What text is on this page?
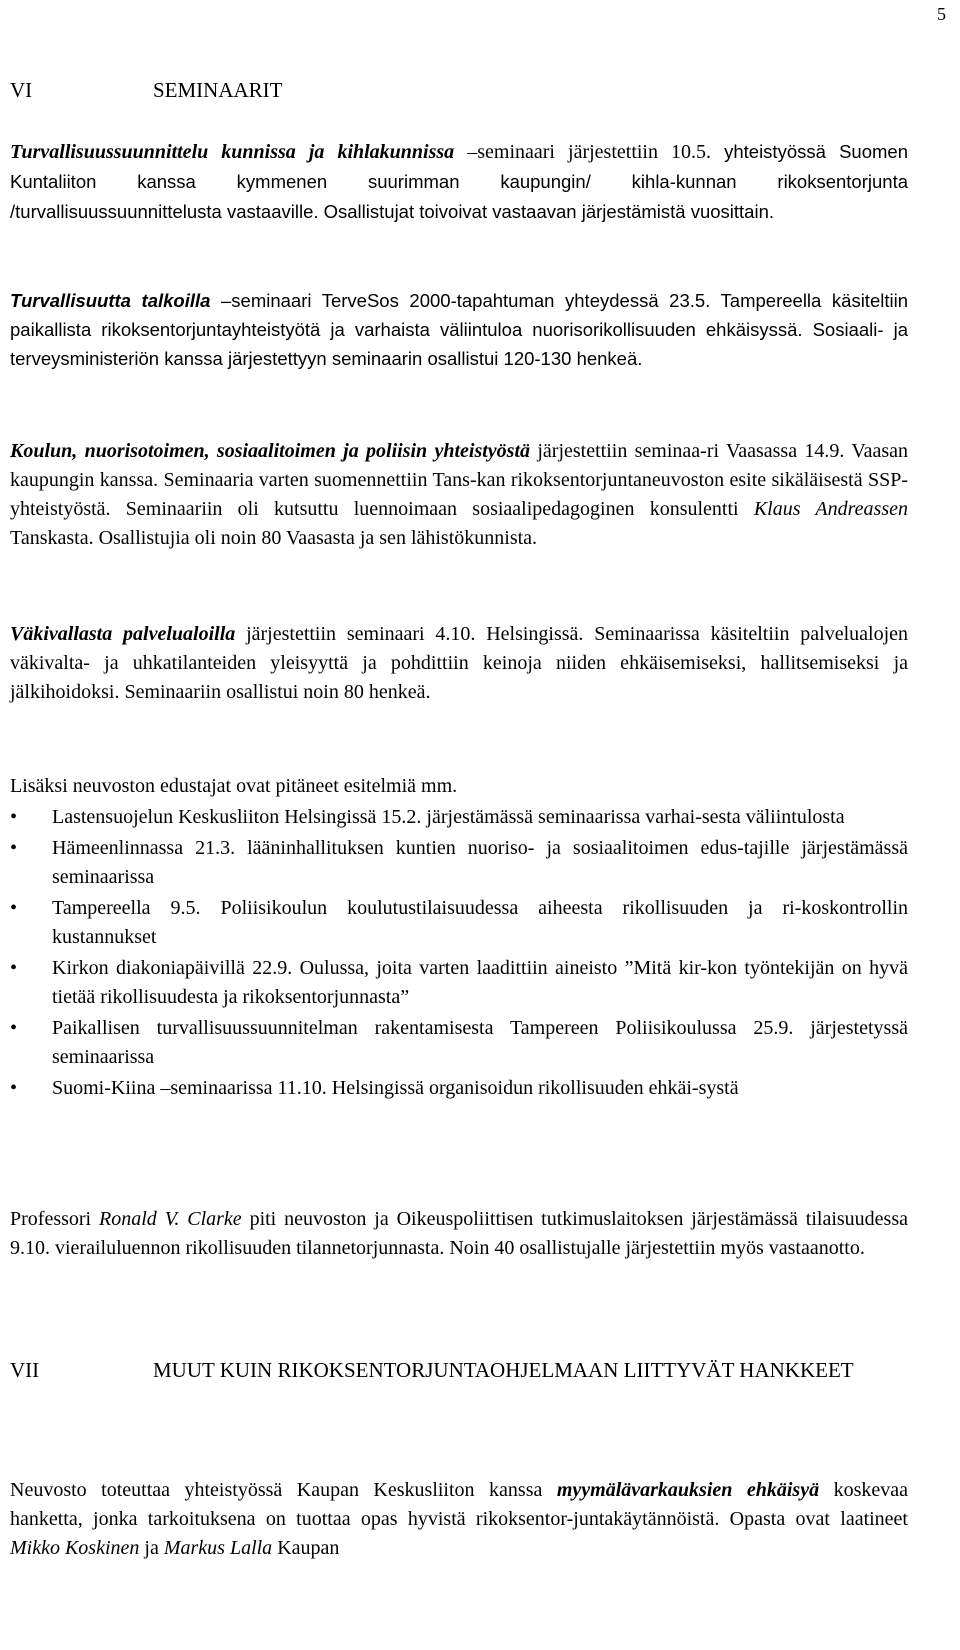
5
VI	SEMINAARIT

Turvallisuussuunnittelu kunnissa ja kihlakunnissa –seminaari järjestettiin 10.5. yhteistyössä Suomen Kuntaliiton kanssa kymmenen suurimman kaupungin/ kihla-kunnan rikoksentorjunta /turvallisuussuunnittelusta vastaaville. Osallistujat toivoivat vastaavan järjestämistä vuosittain.

Turvallisuutta talkoilla –seminaari TerveSos 2000-tapahtuman yhteydessä 23.5. Tampereella käsiteltiin paikallista rikoksentorjuntayhteistyötä ja varhaista väliintuloa nuorisorikollisuuden ehkäisyssä. Sosiaali- ja terveysministeriön kanssa järjestettyyn seminaarin osallistui 120-130 henkeä.

Koulun, nuorisotoimen, sosiaalitoimen ja poliisin yhteistyöstä järjestettiin seminaa-ri Vaasassa 14.9. Vaasan kaupungin kanssa. Seminaaria varten suomennettiin Tans-kan rikoksentorjuntaneuvoston esite sikäläisestä SSP-yhteistyöstä. Seminaariin oli kutsuttu luennoimaan sosiaalipedagoginen konsulentti Klaus Andreassen Tanskasta. Osallistujia oli noin 80 Vaasasta ja sen lähistökunnista.

Väkivallasta palvelualoilla järjestettiin seminaari 4.10. Helsingissä. Seminaarissa käsiteltiin palvelualojen väkivalta- ja uhkatilanteiden yleisyyttä ja pohdittiin keinoja niiden ehkäisemiseksi, hallitsemiseksi ja jälkihoidoksi. Seminaariin osallistui noin 80 henkeä.

Lisäksi neuvoston edustajat ovat pitäneet esitelmiä mm.

• Lastensuojelun Keskusliiton Helsingissä 15.2. järjestämässä seminaarissa varhai-sesta väliintulosta
• Hämeenlinnassa 21.3. lääninhallituksen kuntien nuoriso- ja sosiaalitoimen edus-tajille järjestämässä seminaarissa
• Tampereella 9.5. Poliisikoulun koulutustilaisuudessa aiheesta rikollisuuden ja ri-koskontrollin kustannukset
• Kirkon diakoniapäivillä 22.9. Oulussa, joita varten laadittiin aineisto ”Mitä kir-kon työntekijän on hyvä tietää rikollisuudesta ja rikoksentorjunnasta”
• Paikallisen turvallisuussuunnitelman rakentamisesta Tampereen Poliisikoulussa 25.9. järjestetyssä seminaarissa
• Suomi-Kiina –seminaarissa 11.10. Helsingissä organisoidun rikollisuuden ehkäi-systä

Professori Ronald V. Clarke piti neuvoston ja Oikeuspoliittisen tutkimuslaitoksen järjestämässä tilaisuudessa 9.10. vierailuluennon rikollisuuden tilannetorjunnasta. Noin 40 osallistujalle järjestettiin myös vastaanotto.

VII	MUUT KUIN RIKOKSENTORJUNTAOHJELMAAN LIITTYVÄT HANKKEET

Neuvosto toteuttaa yhteistyössä Kaupan Keskusliiton kanssa myymälävarkauksien ehkäisyä koskevaa hanketta, jonka tarkoituksena on tuottaa opas hyvistä rikoksentor-juntakäytännöistä. Opasta ovat laatineet Mikko Koskinen ja Markus Lalla Kaupan
